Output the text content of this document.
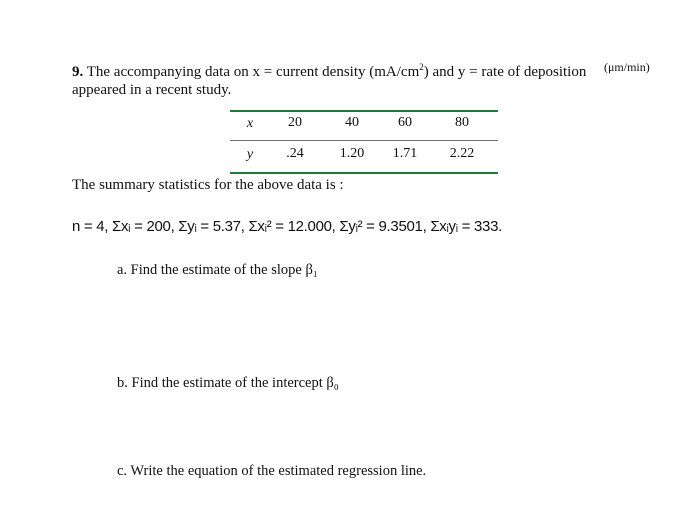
9. The accompanying data on x = current density $(mA/cm^2)$ and y = rate of deposition (μm/min)
appeared in a recent study.
x	20	40	60	80
y	.24	1.20	1.71	2.22
The summary statistics for the above data is :
n = 4, Σxᵢ = 200, Σyᵢ = 5.37, Σxᵢ² = 12.000, Σyᵢ² = 9.3501, Σxᵢyᵢ = 333.
a. Find the estimate of the slope β₁
b. Find the estimate of the intercept β₀
c. Write the equation of the estimated regression line.
